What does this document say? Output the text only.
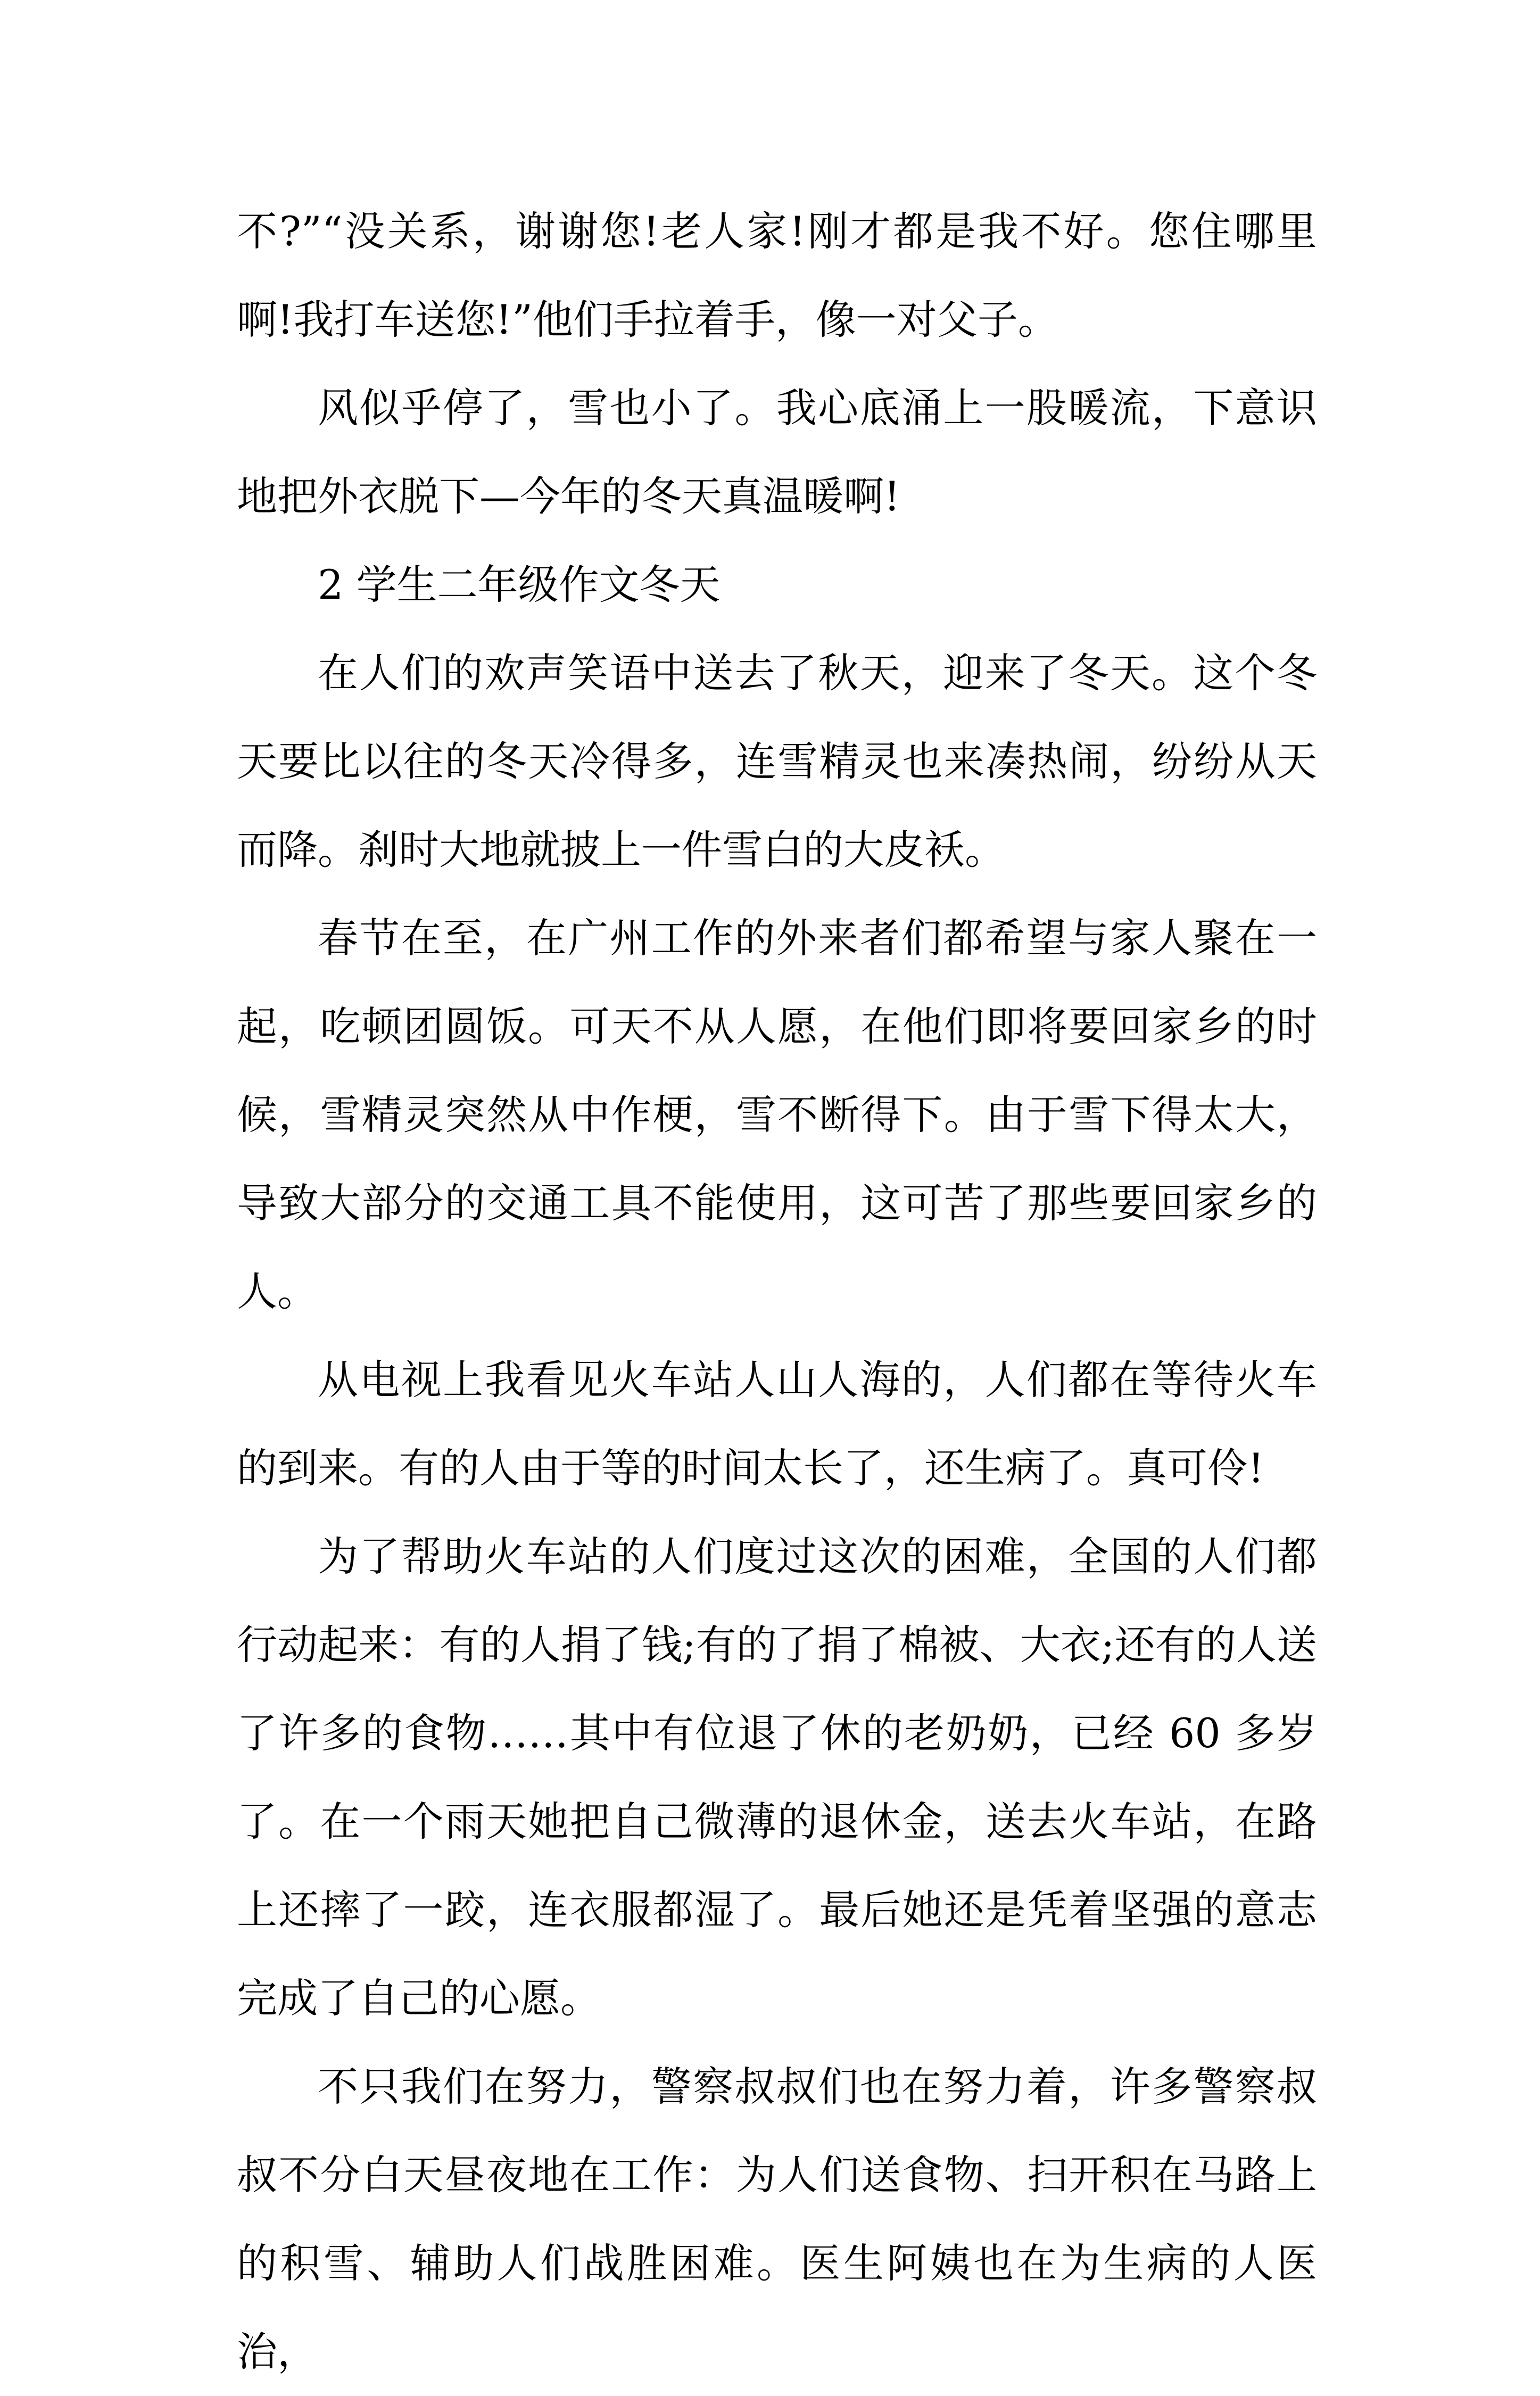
不?”“没关系，谢谢您!老人家!刚才都是我不好。您住哪里啊!我打车送您!”他们手拉着手，像一对父子。

风似乎停了，雪也小了。我心底涌上一股暖流，下意识地把外衣脱下—今年的冬天真温暖啊!

2 学生二年级作文冬天

在人们的欢声笑语中送去了秋天，迎来了冬天。这个冬天要比以往的冬天冷得多，连雪精灵也来凑热闹，纷纷从天而降。刹时大地就披上一件雪白的大皮袄。

春节在至，在广州工作的外来者们都希望与家人聚在一起，吃顿团圆饭。可天不从人愿，在他们即将要回家乡的时候，雪精灵突然从中作梗，雪不断得下。由于雪下得太大，导致大部分的交通工具不能使用，这可苦了那些要回家乡的人。

从电视上我看见火车站人山人海的，人们都在等待火车的到来。有的人由于等的时间太长了，还生病了。真可伶!

为了帮助火车站的人们度过这次的困难，全国的人们都行动起来：有的人捐了钱;有的了捐了棉被、大衣;还有的人送了许多的食物……其中有位退了休的老奶奶，已经 60 多岁了。在一个雨天她把自己微薄的退休金，送去火车站，在路上还摔了一跤，连衣服都湿了。最后她还是凭着坚强的意志完成了自己的心愿。

不只我们在努力，警察叔叔们也在努力着，许多警察叔叔不分白天昼夜地在工作：为人们送食物、扫开积在马路上的积雪、辅助人们战胜困难。医生阿姨也在为生病的人医治，
